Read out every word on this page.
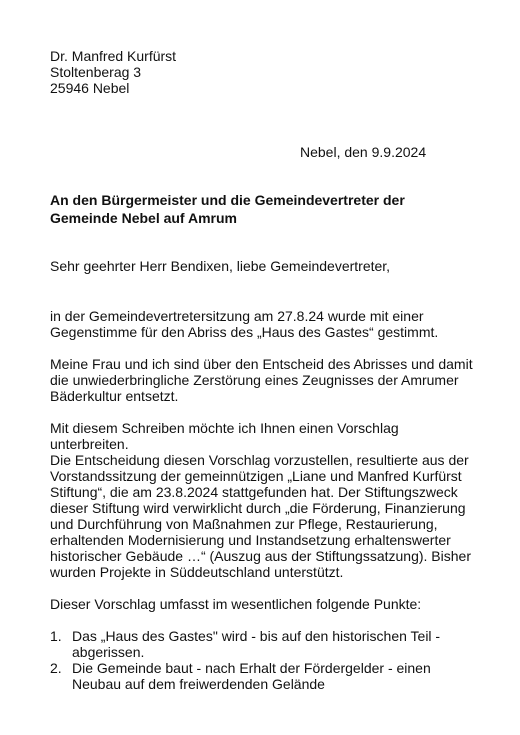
Dr. Manfred Kurfürst
Stoltenberag 3
25946 Nebel
Nebel, den 9.9.2024
An den Bürgermeister und die Gemeindevertreter der
Gemeinde Nebel auf Amrum

Sehr geehrter Herr Bendixen, liebe Gemeindevertreter,

in der Gemeindevertretersitzung am 27.8.24 wurde mit einer Gegenstimme für den Abriss des „Haus des Gastes“ gestimmt.

Meine Frau und ich sind über den Entscheid des Abrisses und damit die unwiederbringliche Zerstörung eines Zeugnisses der Amrumer Bäderkultur entsetzt.

Mit diesem Schreiben möchte ich Ihnen einen Vorschlag unterbreiten.

Die Entscheidung diesen Vorschlag vorzustellen, resultierte aus der Vorstandssitzung der gemeinnützigen „Liane und Manfred Kurfürst Stiftung“, die am 23.8.2024 stattgefunden hat. Der Stiftungszweck dieser Stiftung wird verwirklicht durch „die Förderung, Finanzierung und Durchführung von Maßnahmen zur Pflege, Restaurierung, erhaltenden Modernisierung und Instandsetzung erhaltenswerter historischer Gebäude …“ (Auszug aus der Stiftungssatzung). Bisher wurden Projekte in Süddeutschland unterstützt.

Dieser Vorschlag umfasst im wesentlichen folgende Punkte:

1. Das „Haus des Gastes" wird - bis auf den historischen Teil - abgerissen.
2. Die Gemeinde baut - nach Erhalt der Fördergelder - einen Neubau auf dem freiwerdenden Gelände
